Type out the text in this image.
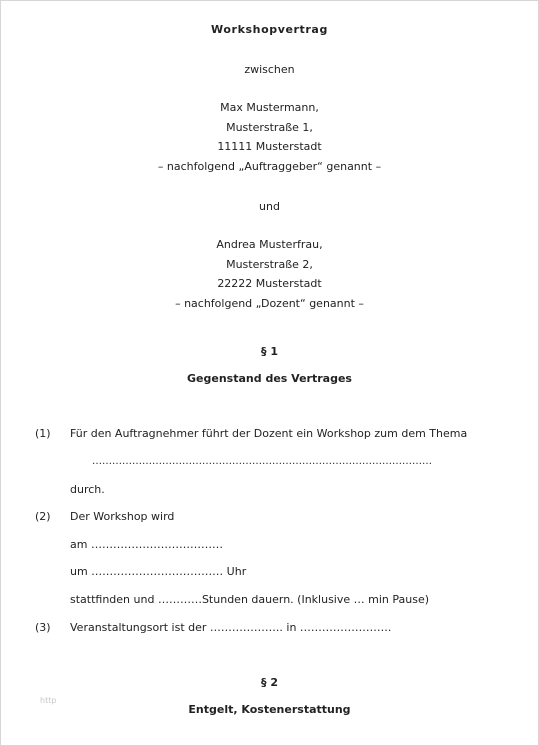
Workshopvertrag
zwischen
Max Mustermann,
Musterstraße 1,
11111 Musterstadt
– nachfolgend „Auftraggeber“ genannt –
und
Andrea Musterfrau,
Musterstraße 2,
22222 Musterstadt
– nachfolgend „Dozent“ genannt –
§ 1
Gegenstand des Vertrages
(1) Für den Auftragnehmer führt der Dozent ein Workshop zum dem Thema
…………………………………………………………………………………………
durch.
(2) Der Workshop wird
am ………………………………
um ……………………………… Uhr
stattfinden und …………Stunden dauern. (Inklusive … min Pause)
(3) Veranstaltungsort ist der ……………….. in …………………….
§ 2
http
Entgelt, Kostenerstattung
